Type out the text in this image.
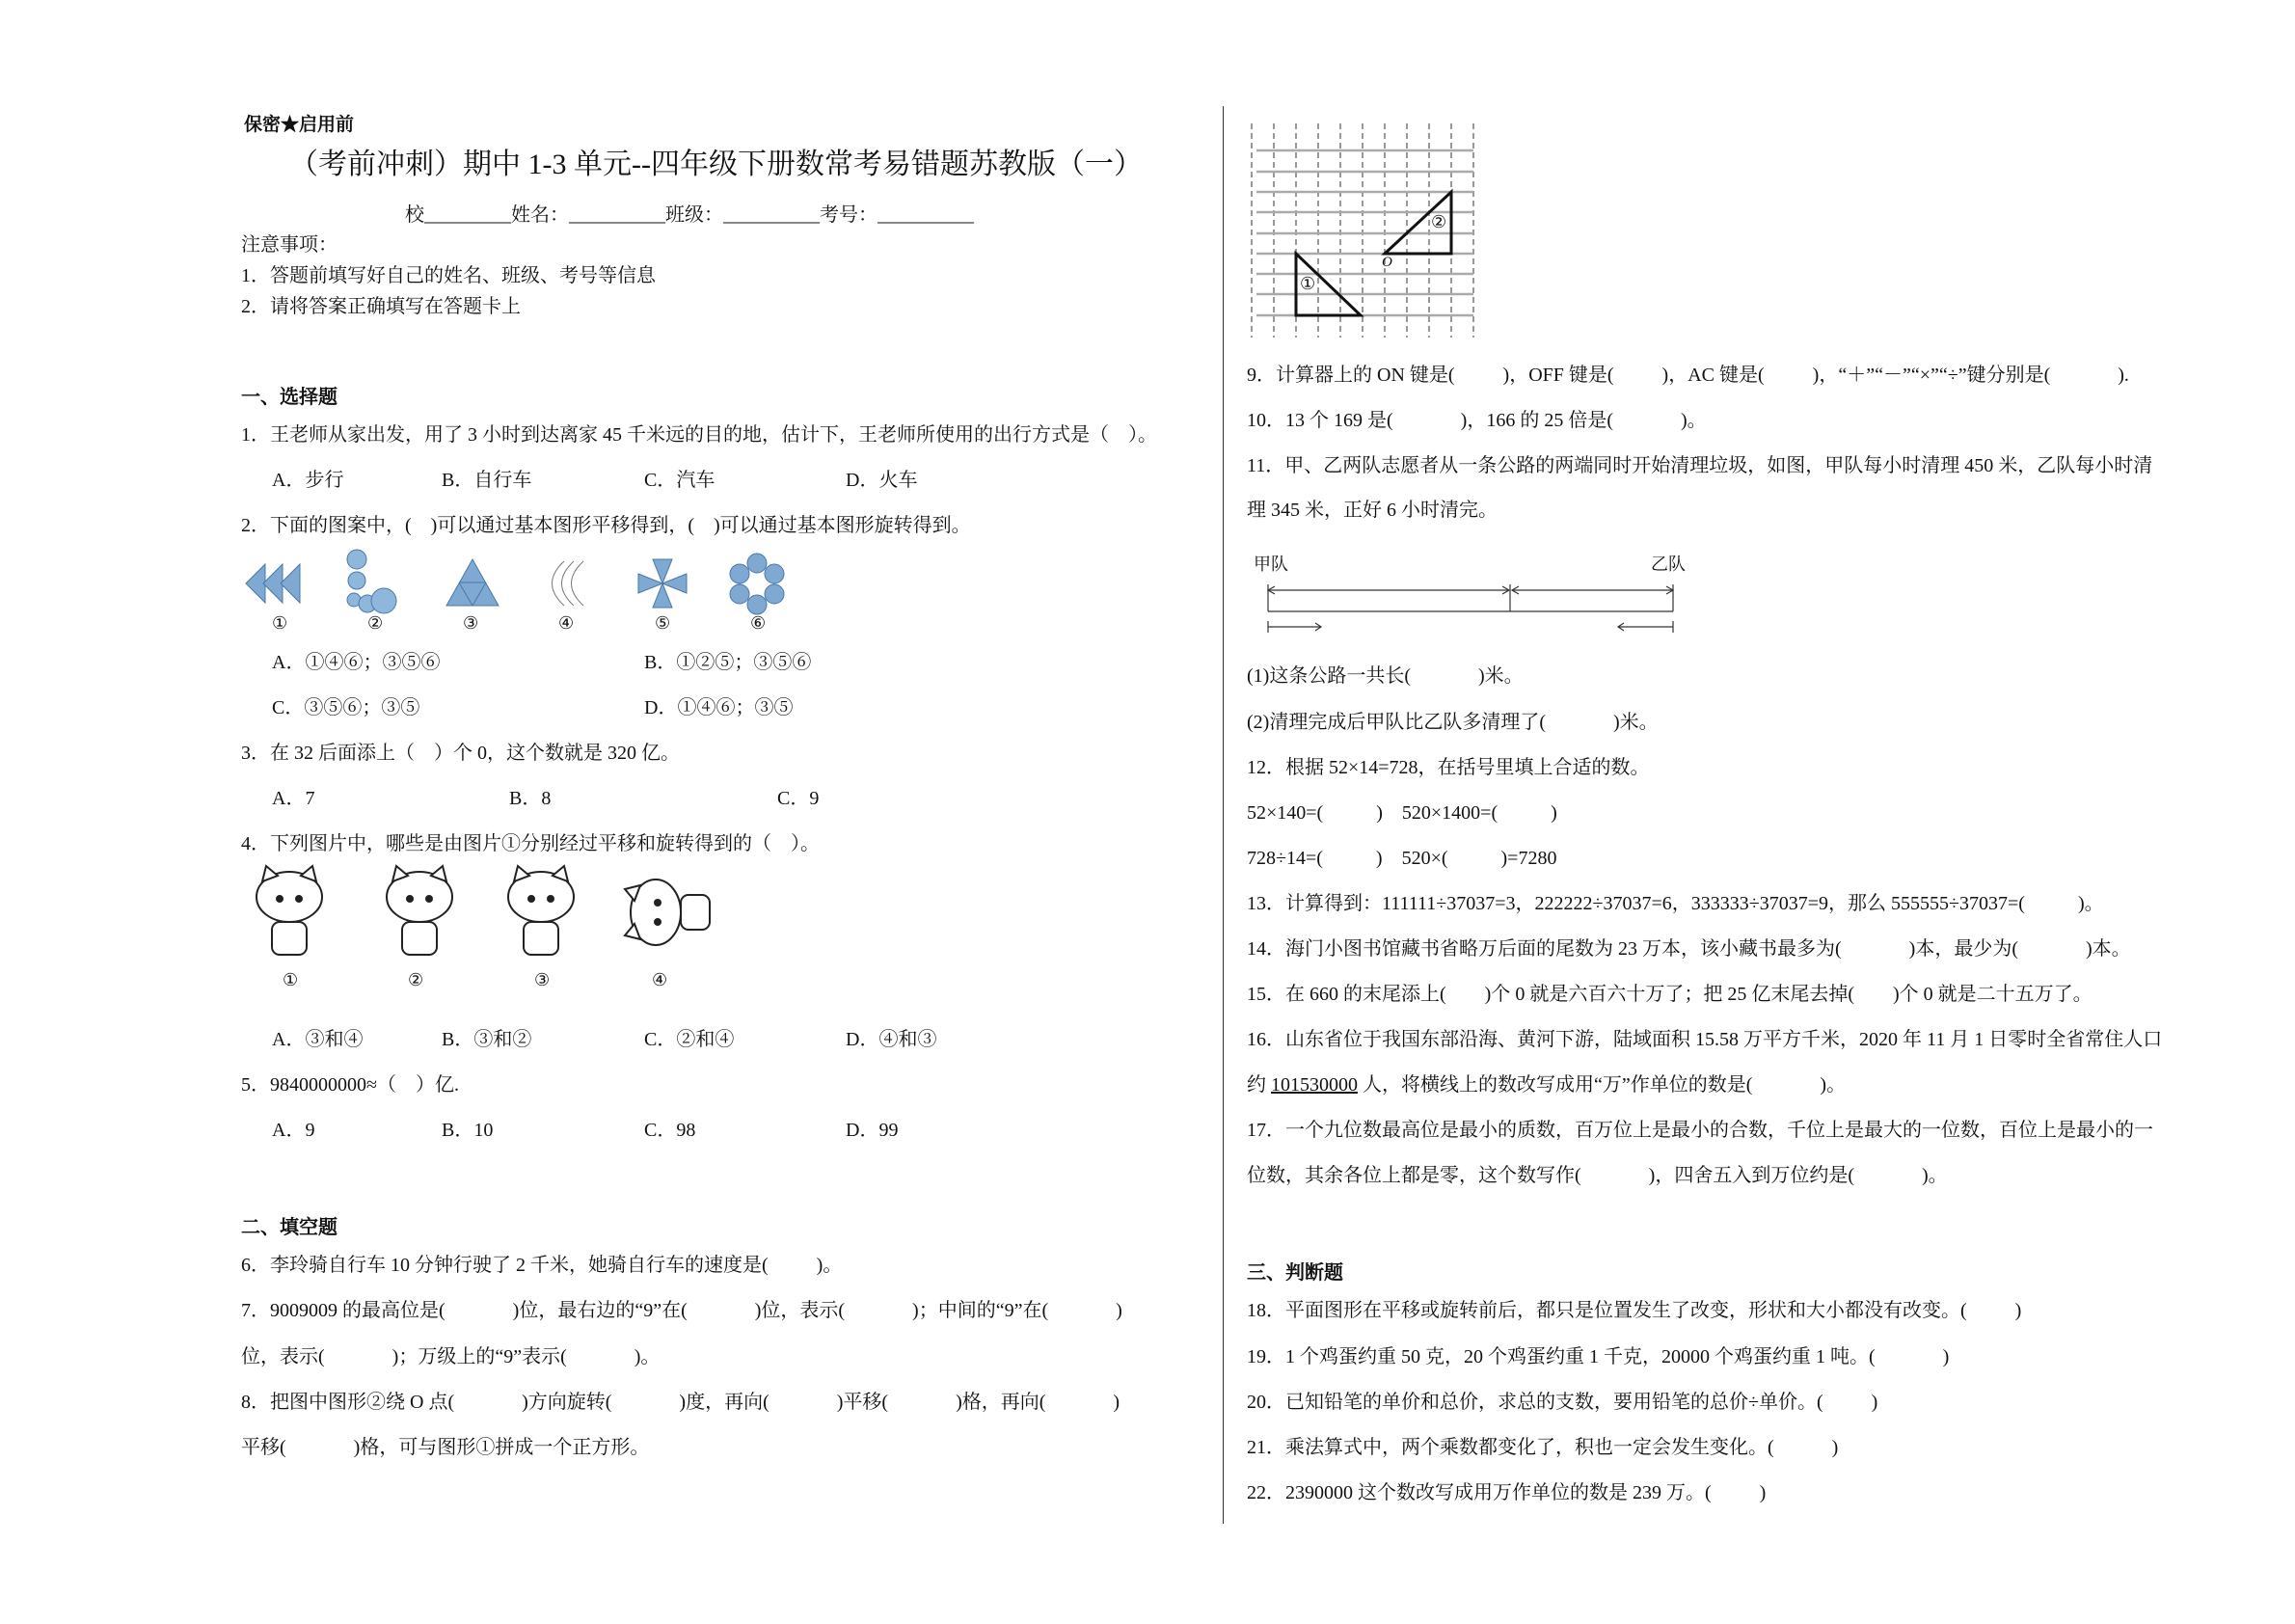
保密★启用前
（考前冲刺）期中 1-3 单元--四年级下册数常考易错题苏教版（一）
校_________姓名：__________班级：__________考号：__________
注意事项：
1．答题前填写好自己的姓名、班级、考号等信息
2．请将答案正确填写在答题卡上
一、选择题
1．王老师从家出发，用了 3 小时到达离家 45 千米远的目的地，估计下，王老师所使用的出行方式是（    ）。
A．步行	B．自行车	C．汽车	D．火车
2．下面的图案中，(    )可以通过基本图形平移得到，(    )可以通过基本图形旋转得到。
①	②	③	④	⑤	⑥
A．①④⑥；③⑤⑥	B．①②⑤；③⑤⑥
C．③⑤⑥；③⑤	D．①④⑥；③⑤
3．在 32 后面添上（    ）个 0，这个数就是 320 亿。
A．7	B．8	C．9
4．下列图片中，哪些是由图片①分别经过平移和旋转得到的（    ）。
①	②	③	④
A．③和④	B．③和②	C．②和④	D．④和③
5．9840000000≈（    ）亿.
A．9	B．10	C．98	D．99
二、填空题
6．李玲骑自行车 10 分钟行驶了 2 千米，她骑自行车的速度是(          )。
7．9009009 的最高位是(              )位，最右边的“9”在(              )位，表示(              )；中间的“9”在(              )
位，表示(              )；万级上的“9”表示(              )。
8．把图中图形②绕 O 点(              )方向旋转(              )度，再向(              )平移(              )格，再向(              )
平移(              )格，可与图形①拼成一个正方形。
①
②
O
9．计算器上的 ON 键是(          )，OFF 键是(          )，AC 键是(          )，“＋”“－”“×”“÷”键分别是(              ).
10．13 个 169 是(              )，166 的 25 倍是(              )。
11．甲、乙两队志愿者从一条公路的两端同时开始清理垃圾，如图，甲队每小时清理 450 米，乙队每小时清
理 345 米，正好 6 小时清完。
甲队	乙队
(1)这条公路一共长(              )米。
(2)清理完成后甲队比乙队多清理了(              )米。
12．根据 52×14=728，在括号里填上合适的数。
52×140=(           )    520×1400=(           )
728÷14=(           )    520×(           )=7280
13．计算得到：111111÷37037=3，222222÷37037=6，333333÷37037=9，那么 555555÷37037=(           )。
14．海门小图书馆藏书省略万后面的尾数为 23 万本，该小藏书最多为(              )本，最少为(              )本。
15．在 660 的末尾添上(        )个 0 就是六百六十万了；把 25 亿末尾去掉(        )个 0 就是二十五万了。
16．山东省位于我国东部沿海、黄河下游，陆域面积 15.58 万平方千米，2020 年 11 月 1 日零时全省常住人口
约 101530000 人，将横线上的数改写成用“万”作单位的数是(              )。
17．一个九位数最高位是最小的质数，百万位上是最小的合数，千位上是最大的一位数，百位上是最小的一
位数，其余各位上都是零，这个数写作(              )，四舍五入到万位约是(              )。
三、判断题
18．平面图形在平移或旋转前后，都只是位置发生了改变，形状和大小都没有改变。(          )
19．1 个鸡蛋约重 50 克，20 个鸡蛋约重 1 千克，20000 个鸡蛋约重 1 吨。(              )
20．已知铅笔的单价和总价，求总的支数，要用铅笔的总价÷单价。(          )
21．乘法算式中，两个乘数都变化了，积也一定会发生变化。(            )
22．2390000 这个数改写成用万作单位的数是 239 万。(          )
